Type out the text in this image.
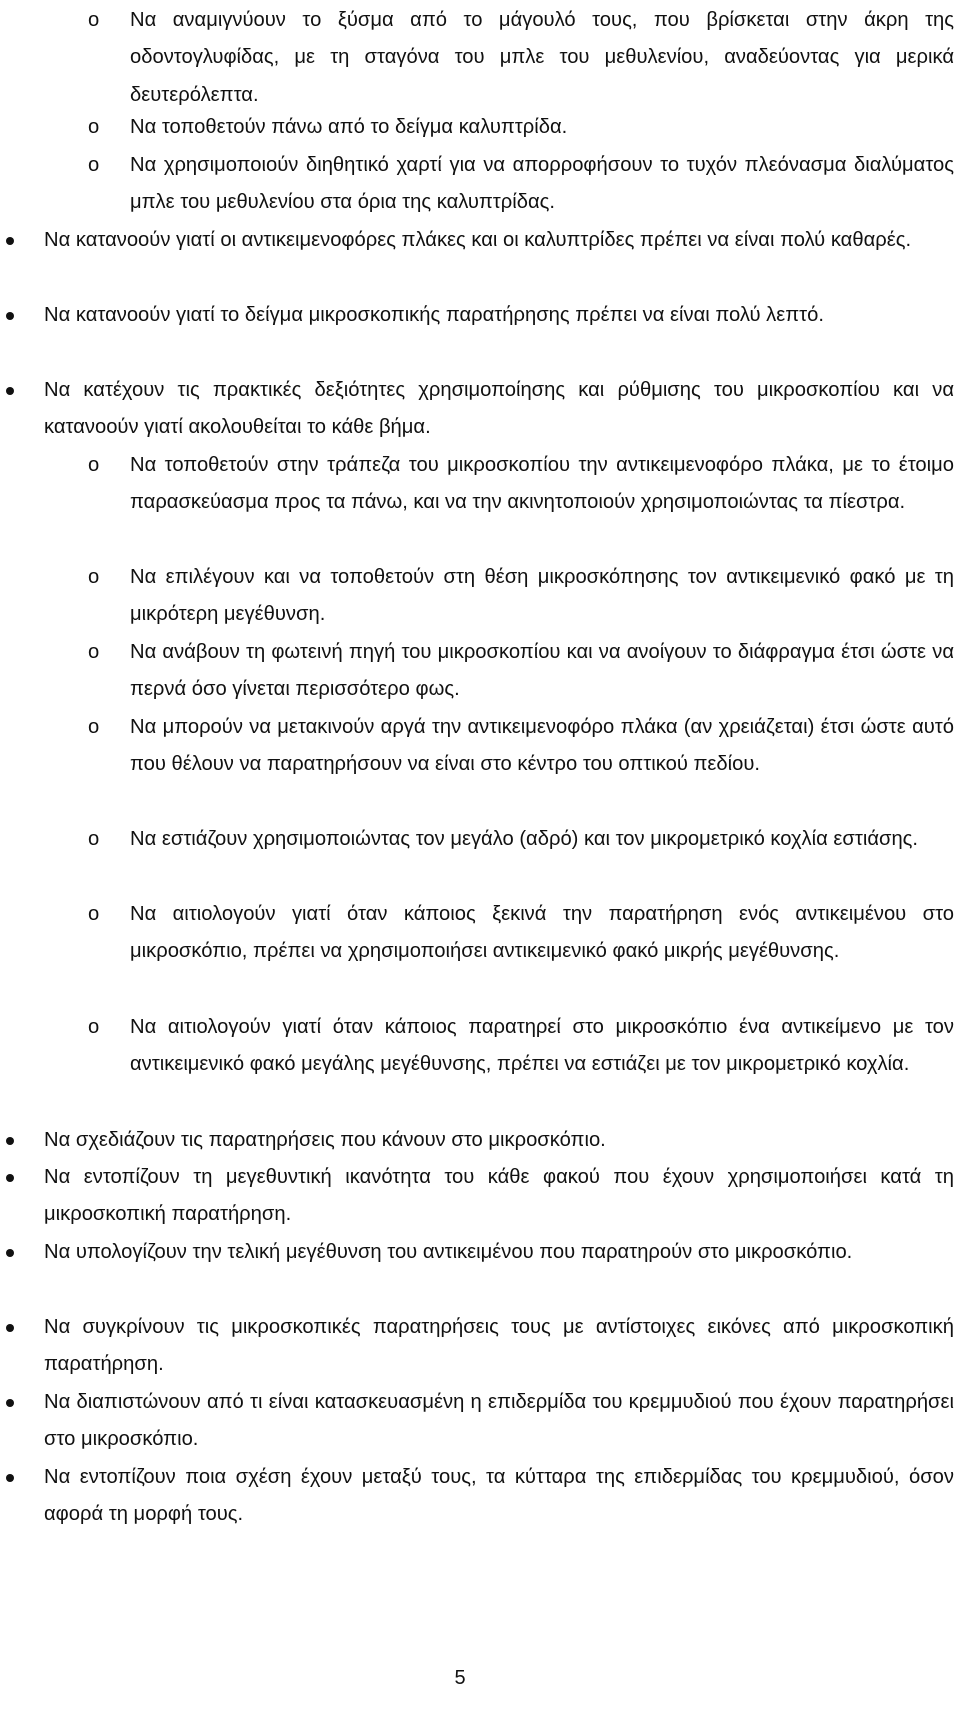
o Να αναμιγνύουν το ξύσμα από το μάγουλό τους, που βρίσκεται στην άκρη της οδοντογλυφίδας, με τη σταγόνα του μπλε του μεθυλενίου, αναδεύοντας για μερικά δευτερόλεπτα.
o Να τοποθετούν πάνω από το δείγμα καλυπτρίδα.
o Να χρησιμοποιούν διηθητικό χαρτί για να απορροφήσουν το τυχόν πλεόνασμα διαλύματος μπλε του μεθυλενίου στα όρια της καλυπτρίδας.
Να κατανοούν γιατί οι αντικειμενοφόρες πλάκες και οι καλυπτρίδες πρέπει να είναι πολύ καθαρές.
Να κατανοούν γιατί το δείγμα μικροσκοπικής παρατήρησης πρέπει να είναι πολύ λεπτό.
Να κατέχουν τις πρακτικές δεξιότητες χρησιμοποίησης και ρύθμισης του μικροσκοπίου και να κατανοούν γιατί ακολουθείται το κάθε βήμα.
o Να τοποθετούν στην τράπεζα του μικροσκοπίου την αντικειμενοφόρο πλάκα, με το έτοιμο παρασκεύασμα προς τα πάνω, και να την ακινητοποιούν χρησιμοποιώντας τα πίεστρα.
o Να επιλέγουν και να τοποθετούν στη θέση μικροσκόπησης τον αντικειμενικό φακό με τη μικρότερη μεγέθυνση.
o Να ανάβουν τη φωτεινή πηγή του μικροσκοπίου και να ανοίγουν το διάφραγμα έτσι ώστε να περνά όσο γίνεται περισσότερο φως.
o Να μπορούν να μετακινούν αργά την αντικειμενοφόρο πλάκα (αν χρειάζεται) έτσι ώστε αυτό που θέλουν να παρατηρήσουν να είναι στο κέντρο του οπτικού πεδίου.
o Να εστιάζουν χρησιμοποιώντας τον μεγάλο (αδρό) και τον μικρομετρικό κοχλία εστιάσης.
o Να αιτιολογούν γιατί όταν κάποιος ξεκινά την παρατήρηση ενός αντικειμένου στο μικροσκόπιο, πρέπει να χρησιμοποιήσει αντικειμενικό φακό μικρής μεγέθυνσης.
o Να αιτιολογούν γιατί όταν κάποιος παρατηρεί στο μικροσκόπιο ένα αντικείμενο με τον αντικειμενικό φακό μεγάλης μεγέθυνσης, πρέπει να εστιάζει με τον μικρομετρικό κοχλία.
Να σχεδιάζουν τις παρατηρήσεις που κάνουν στο μικροσκόπιο.
Να εντοπίζουν τη μεγεθυντική ικανότητα του κάθε φακού που έχουν χρησιμοποιήσει κατά τη μικροσκοπική παρατήρηση.
Να υπολογίζουν την τελική μεγέθυνση του αντικειμένου που παρατηρούν στο μικροσκόπιο.
Να συγκρίνουν τις μικροσκοπικές παρατηρήσεις τους με αντίστοιχες εικόνες από μικροσκοπική παρατήρηση.
Να διαπιστώνουν από τι είναι κατασκευασμένη η επιδερμίδα του κρεμμυδιού που έχουν παρατηρήσει στο μικροσκόπιο.
Να εντοπίζουν ποια σχέση έχουν μεταξύ τους, τα κύτταρα της επιδερμίδας του κρεμμυδιού, όσον αφορά τη μορφή τους.
5
